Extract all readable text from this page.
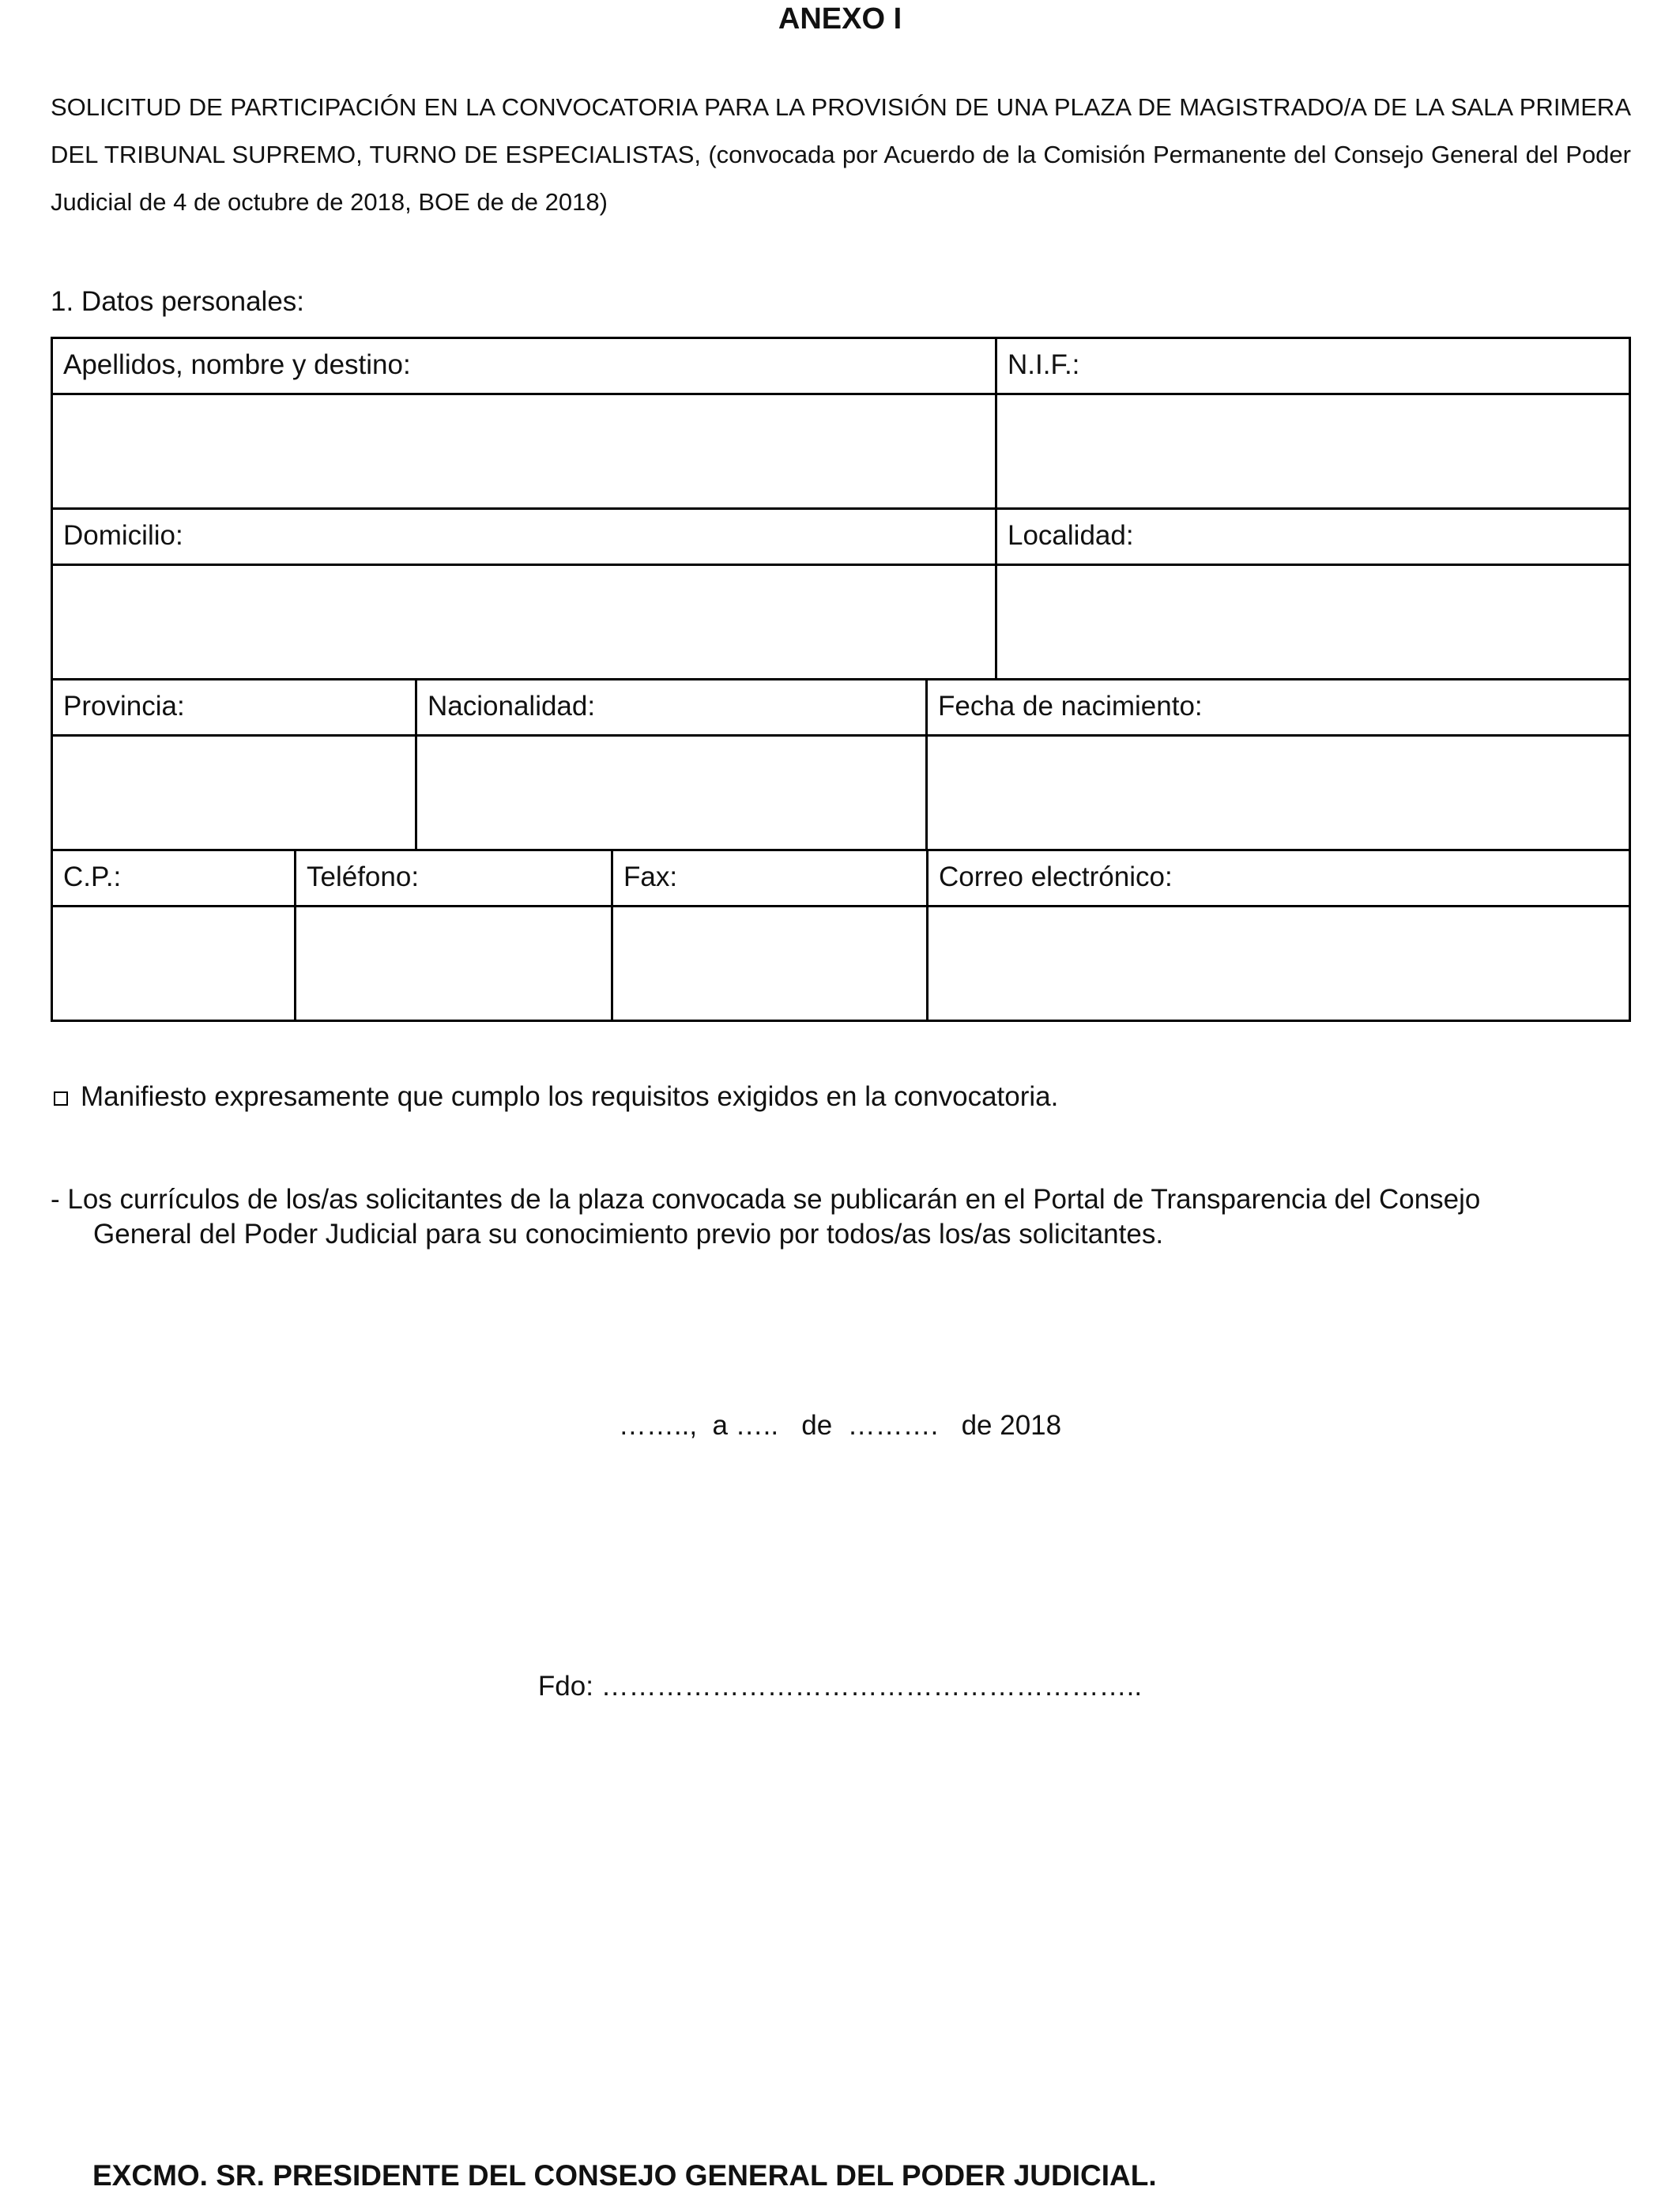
ANEXO I
SOLICITUD DE PARTICIPACIÓN EN LA CONVOCATORIA PARA LA PROVISIÓN DE UNA PLAZA DE MAGISTRADO/A DE LA SALA PRIMERA DEL TRIBUNAL SUPREMO, TURNO DE ESPECIALISTAS, (convocada por Acuerdo de la Comisión Permanente del Consejo General del Poder Judicial de 4 de octubre de 2018, BOE de de 2018)
1. Datos personales:
Apellidos, nombre y destino:	N.I.F.:
Domicilio:	Localidad:
Provincia:	Nacionalidad:	Fecha de nacimiento:
C.P.:	Teléfono:	Fax:	Correo electrónico:
Manifiesto expresamente que cumplo los requisitos exigidos en la convocatoria.
- Los currículos de los/as solicitantes de la plaza convocada se publicarán en el Portal de Transparencia del Consejo
General del Poder Judicial para su conocimiento previo por todos/as los/as solicitantes.
……..,  a …..   de  ……….   de 2018
Fdo: …………………………………………………..
EXCMO. SR. PRESIDENTE DEL CONSEJO GENERAL DEL PODER JUDICIAL.
